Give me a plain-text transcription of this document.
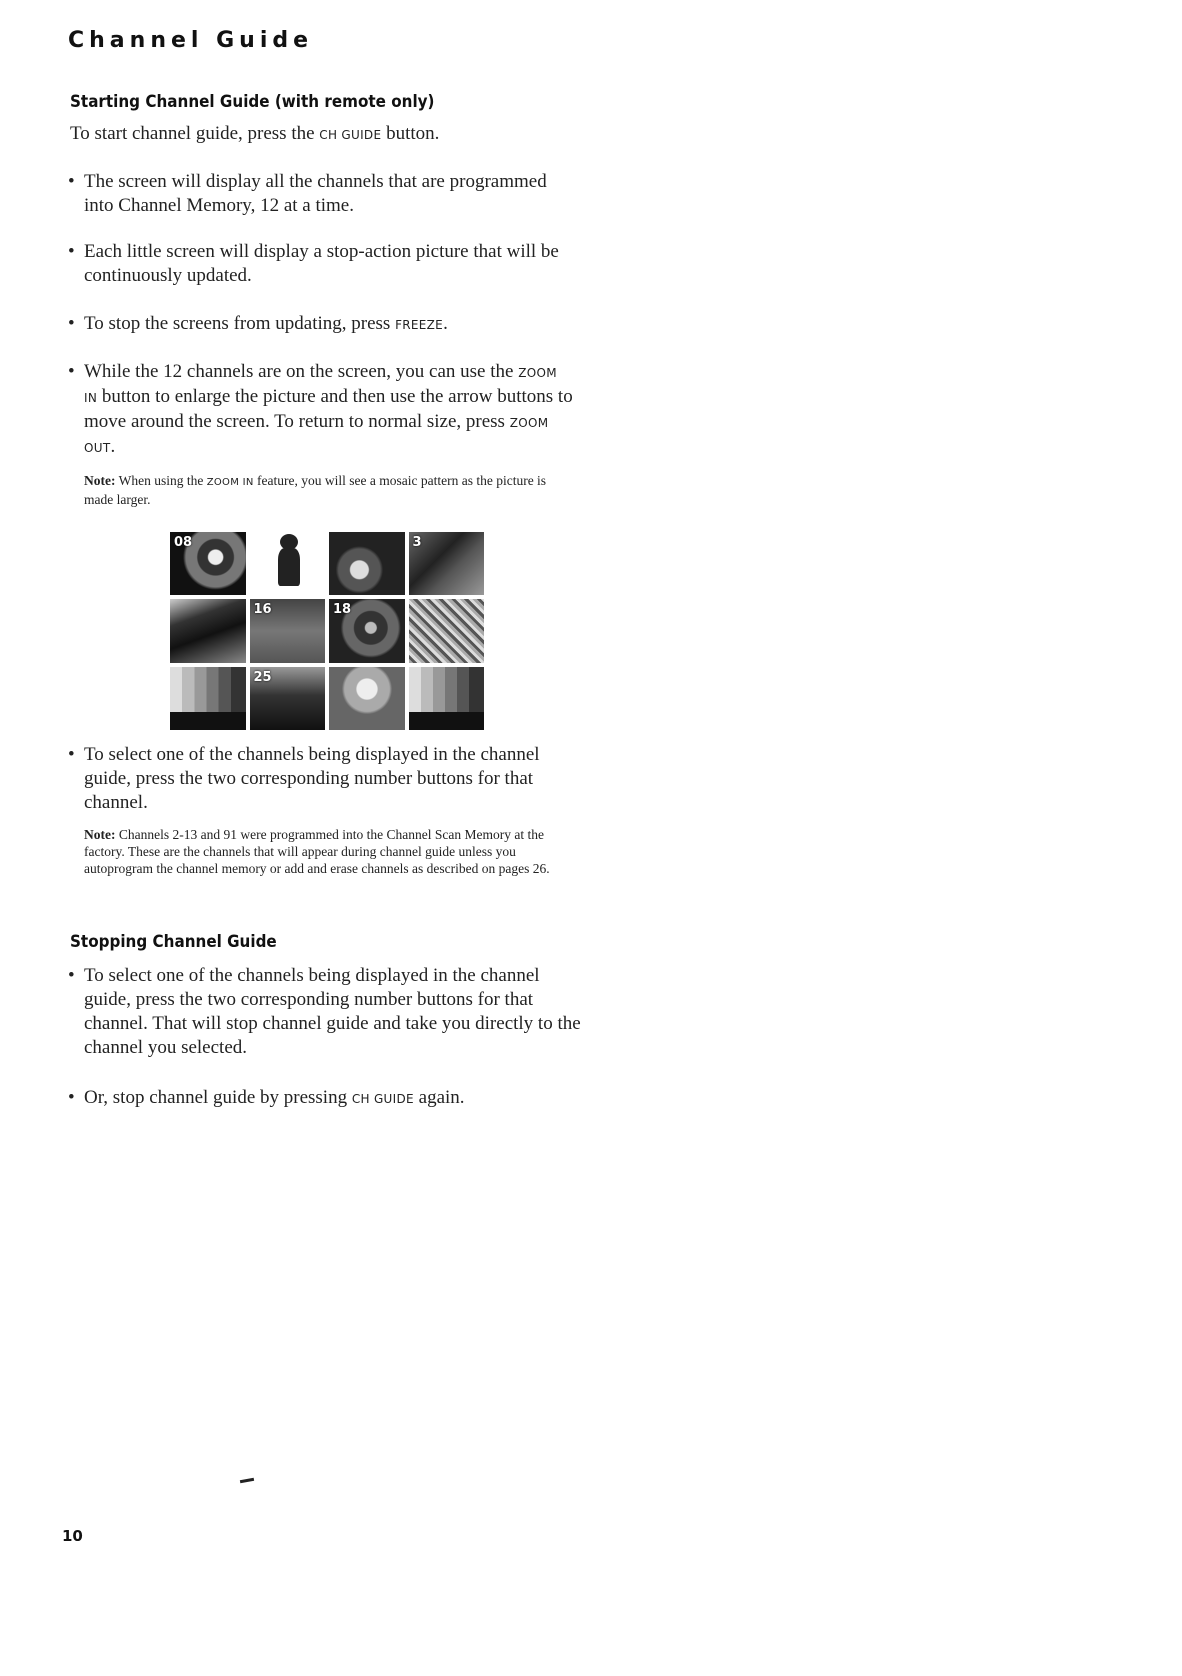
Channel Guide
Starting Channel Guide (with remote only)
To start channel guide, press the CH GUIDE button.
• The screen will display all the channels that are programmed into Channel Memory, 12 at a time.
• Each little screen will display a stop-action picture that will be continuously updated.
• To stop the screens from updating, press FREEZE.
• While the 12 channels are on the screen, you can use the ZOOM IN button to enlarge the picture and then use the arrow buttons to move around the screen. To return to normal size, press ZOOM OUT.
Note: When using the ZOOM IN feature, you will see a mosaic pattern as the picture is made larger.
08	3
16	18
25
• To select one of the channels being displayed in the channel guide, press the two corresponding number buttons for that channel.
Note: Channels 2-13 and 91 were programmed into the Channel Scan Memory at the factory. These are the channels that will appear during channel guide unless you autoprogram the channel memory or add and erase channels as described on pages 26.
Stopping Channel Guide
• To select one of the channels being displayed in the channel guide, press the two corresponding number buttons for that channel. That will stop channel guide and take you directly to the channel you selected.
• Or, stop channel guide by pressing CH GUIDE again.
10
